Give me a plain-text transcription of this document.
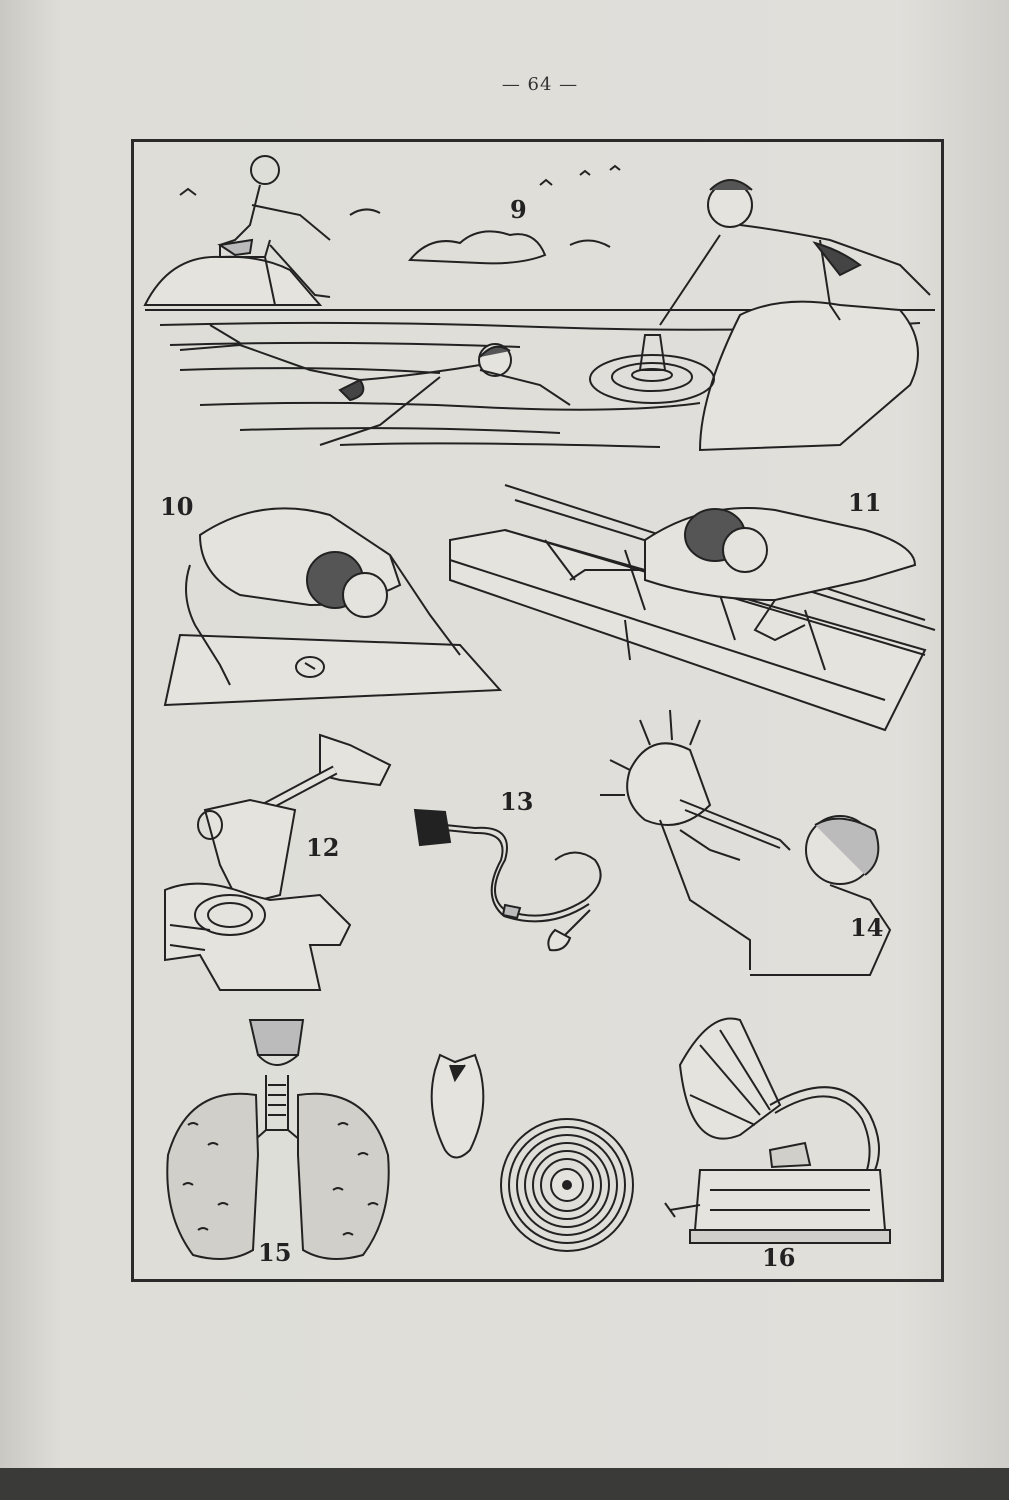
— 64 —
9
10	11
12
13
14
15	16
